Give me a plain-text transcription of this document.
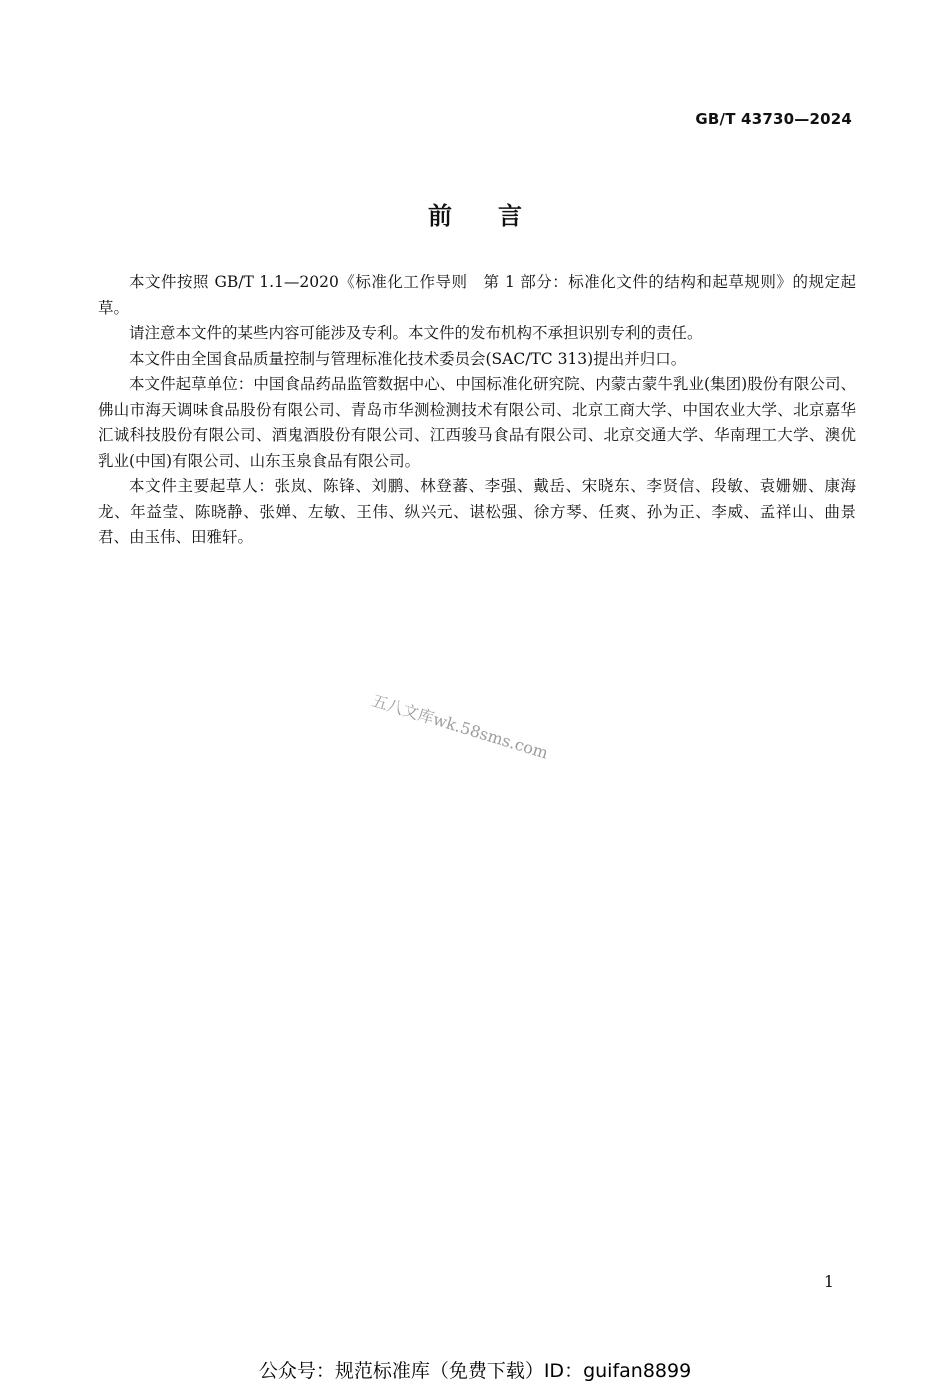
GB/T 43730—2024
前言

本文件按照 GB/T 1.1—2020《标准化工作导则　第 1 部分：标准化文件的结构和起草规则》的规定起草。

请注意本文件的某些内容可能涉及专利。本文件的发布机构不承担识别专利的责任。

本文件由全国食品质量控制与管理标准化技术委员会(SAC/TC 313)提出并归口。

本文件起草单位：中国食品药品监管数据中心、中国标准化研究院、内蒙古蒙牛乳业(集团)股份有限公司、佛山市海天调味食品股份有限公司、青岛市华测检测技术有限公司、北京工商大学、中国农业大学、北京嘉华汇诚科技股份有限公司、酒鬼酒股份有限公司、江西骏马食品有限公司、北京交通大学、华南理工大学、澳优乳业(中国)有限公司、山东玉泉食品有限公司。

本文件主要起草人：张岚、陈锋、刘鹏、林登蕃、李强、戴岳、宋晓东、李贤信、段敏、袁姗姗、康海龙、年益莹、陈晓静、张婵、左敏、王伟、纵兴元、谌松强、徐方琴、任爽、孙为正、李威、孟祥山、曲景君、由玉伟、田雅轩。

五八文库wk.58sms.com
1
公众号：规范标准库（免费下载）ID：guifan8899
